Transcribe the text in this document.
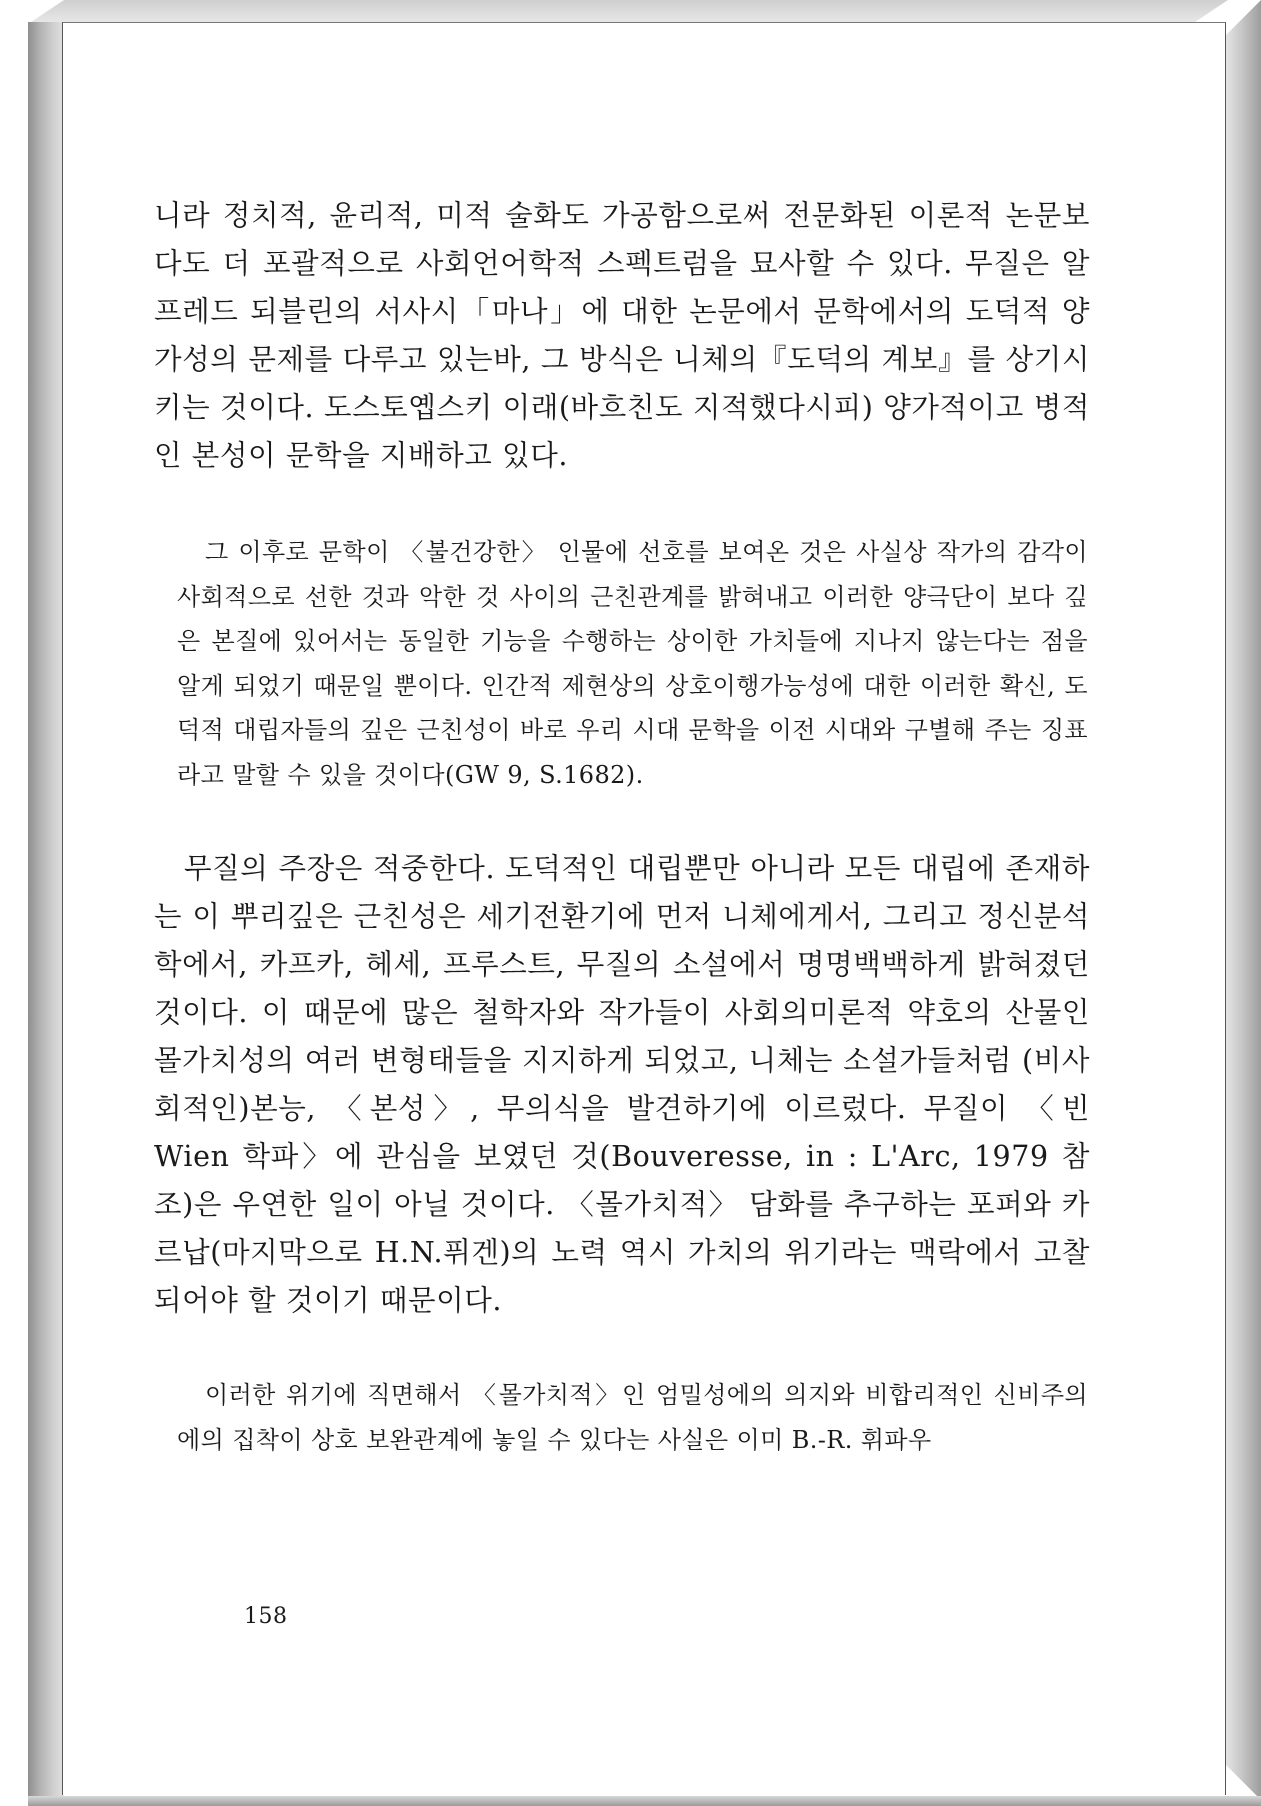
니라 정치적, 윤리적, 미적 술화도 가공함으로써 전문화된 이론적 논문보다도 더 포괄적으로 사회언어학적 스펙트럼을 묘사할 수 있다. 무질은 알프레드 되블린의 서사시「마나」에 대한 논문에서 문학에서의 도덕적 양가성의 문제를 다루고 있는바, 그 방식은 니체의『도덕의 계보』를 상기시키는 것이다. 도스토옙스키 이래(바흐친도 지적했다시피) 양가적이고 병적인 본성이 문학을 지배하고 있다.

그 이후로 문학이 〈불건강한〉 인물에 선호를 보여온 것은 사실상 작가의 감각이 사회적으로 선한 것과 악한 것 사이의 근친관계를 밝혀내고 이러한 양극단이 보다 깊은 본질에 있어서는 동일한 기능을 수행하는 상이한 가치들에 지나지 않는다는 점을 알게 되었기 때문일 뿐이다. 인간적 제현상의 상호이행가능성에 대한 이러한 확신, 도덕적 대립자들의 깊은 근친성이 바로 우리 시대 문학을 이전 시대와 구별해 주는 징표라고 말할 수 있을 것이다(GW 9, S.1682).

무질의 주장은 적중한다. 도덕적인 대립뿐만 아니라 모든 대립에 존재하는 이 뿌리깊은 근친성은 세기전환기에 먼저 니체에게서, 그리고 정신분석학에서, 카프카, 헤세, 프루스트, 무질의 소설에서 명명백백하게 밝혀졌던 것이다. 이 때문에 많은 철학자와 작가들이 사회의미론적 약호의 산물인 몰가치성의 여러 변형태들을 지지하게 되었고, 니체는 소설가들처럼 (비사회적인)본능, 〈본성〉, 무의식을 발견하기에 이르렀다. 무질이 〈빈 Wien 학파〉에 관심을 보였던 것(Bouveresse, in : L'Arc, 1979 참조)은 우연한 일이 아닐 것이다. 〈몰가치적〉 담화를 추구하는 포퍼와 카르납(마지막으로 H.N.퓌겐)의 노력 역시 가치의 위기라는 맥락에서 고찰되어야 할 것이기 때문이다.

이러한 위기에 직면해서 〈몰가치적〉인 엄밀성에의 의지와 비합리적인 신비주의에의 집착이 상호 보완관계에 놓일 수 있다는 사실은 이미 B.-R. 휘파우

158
